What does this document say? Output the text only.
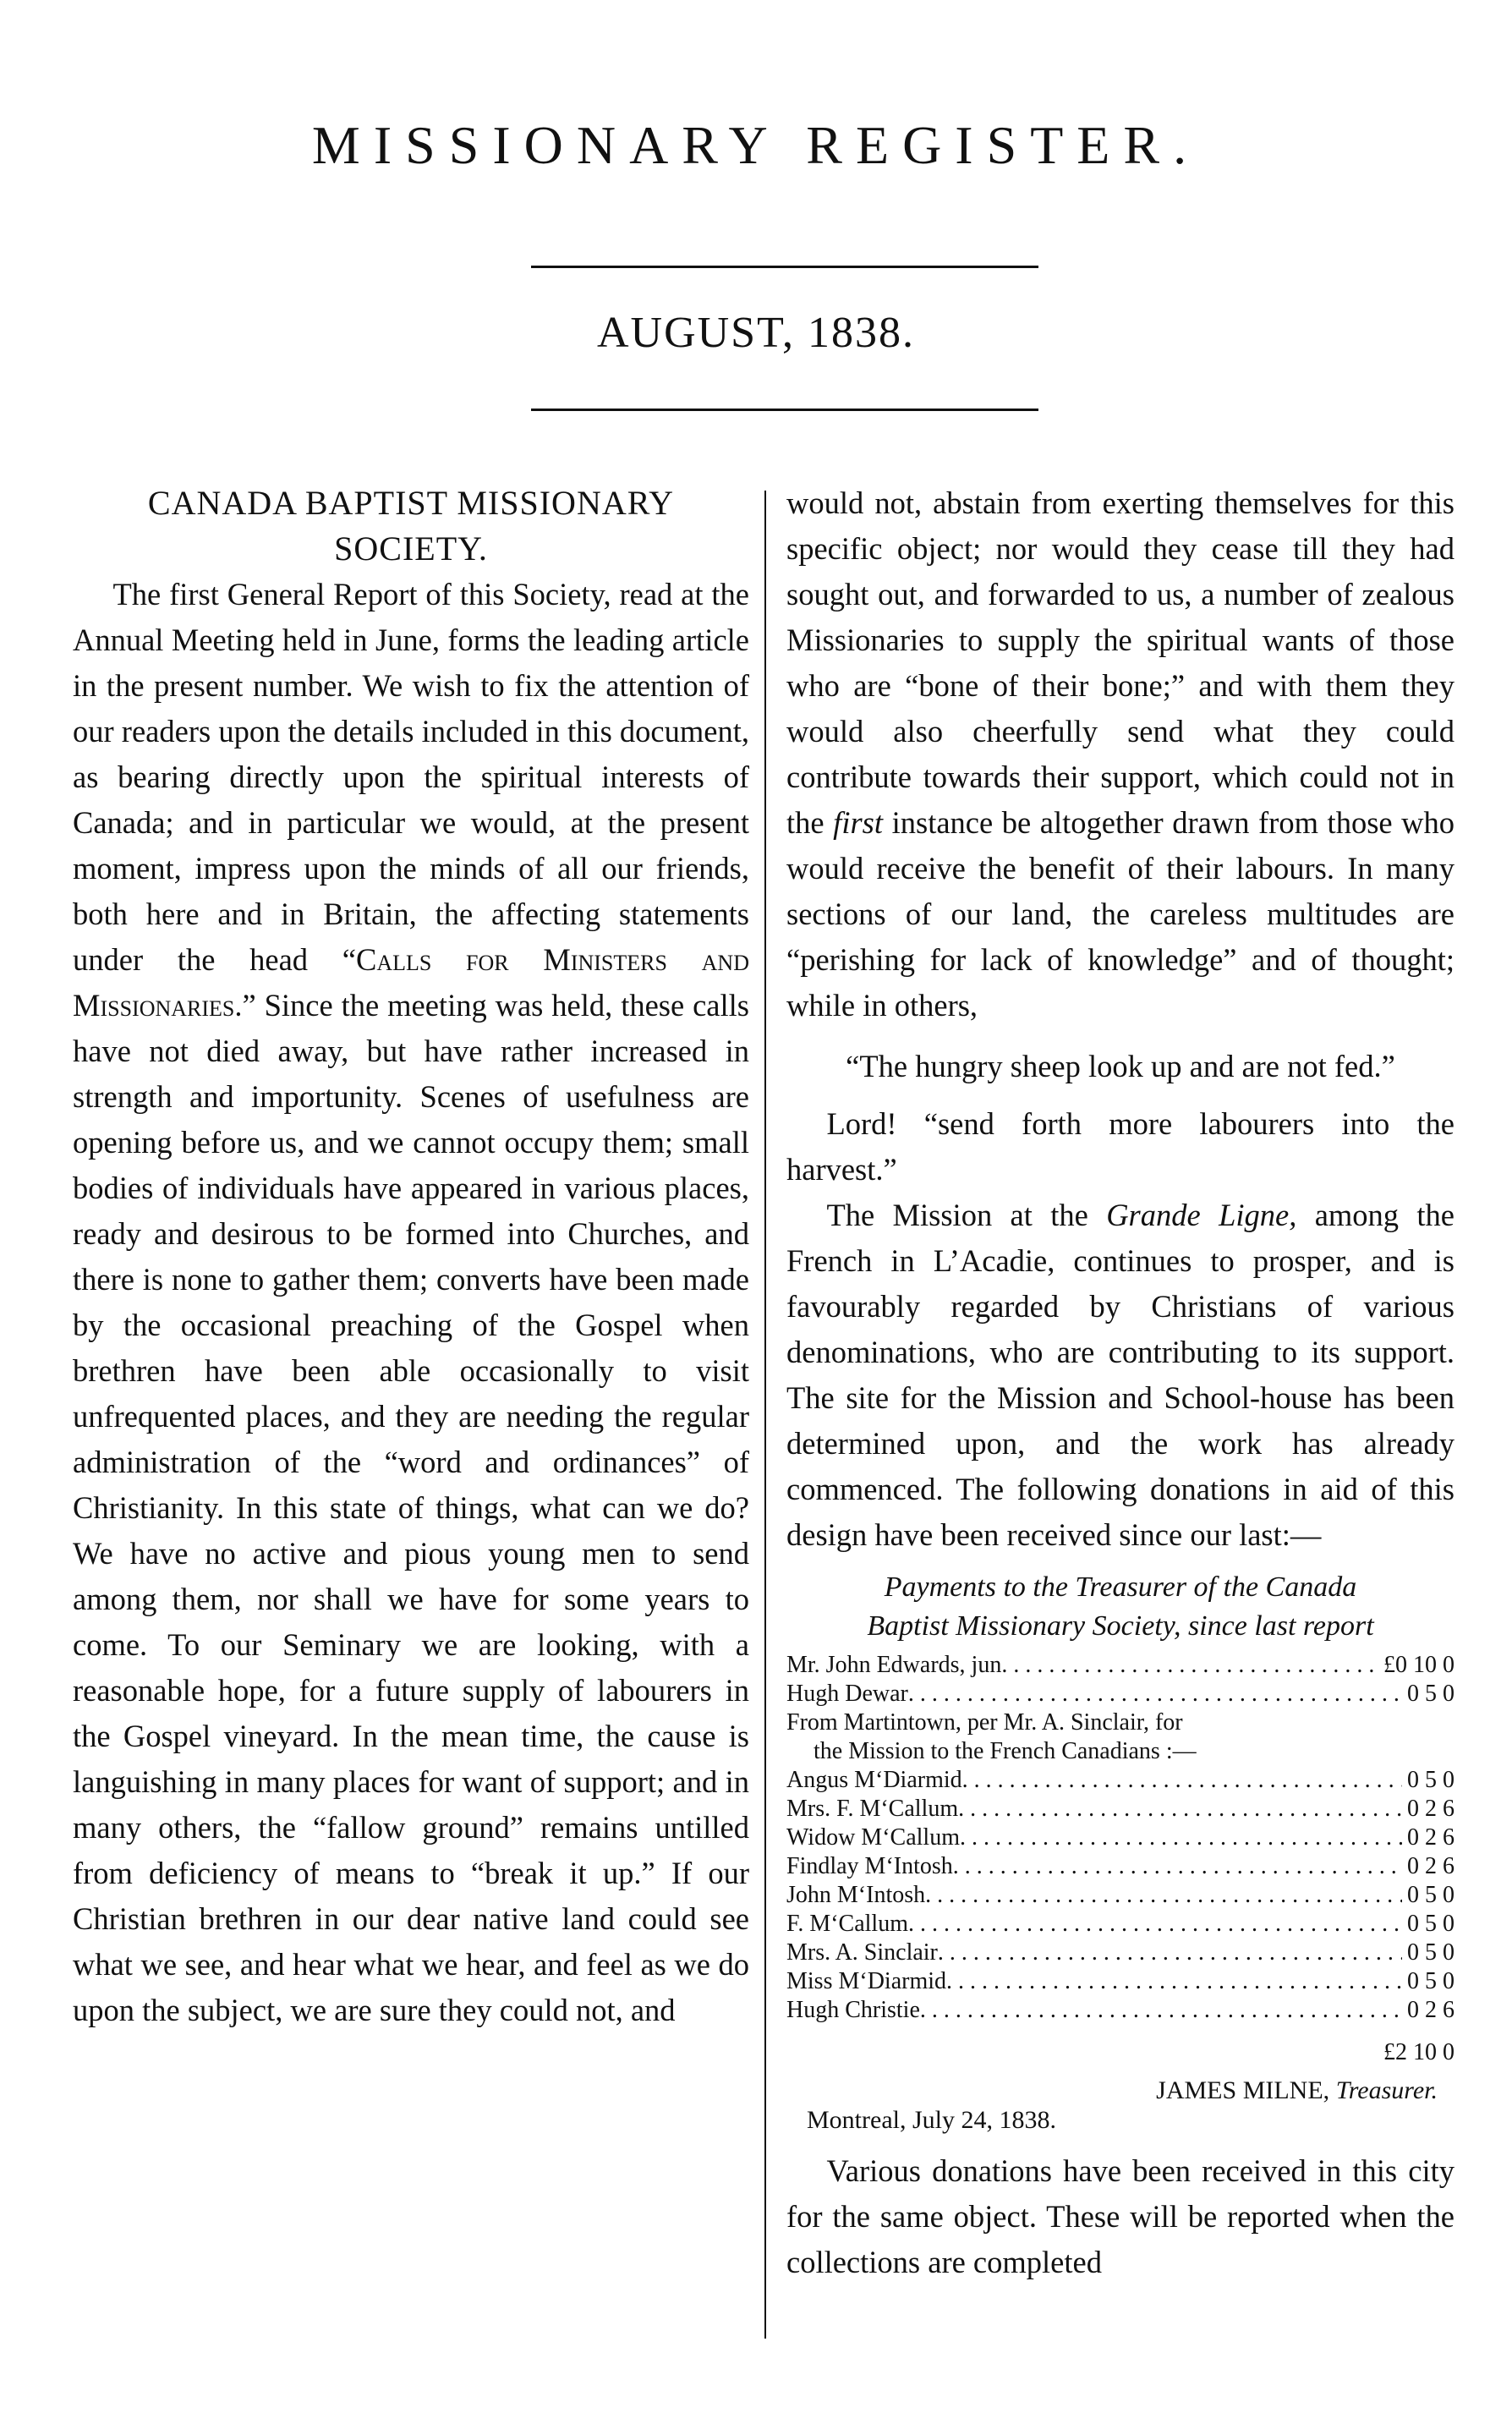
MISSIONARY REGISTER.
AUGUST, 1838.
CANADA BAPTIST MISSIONARY
SOCIETY.

The first General Report of this Society, read at the Annual Meeting held in June, forms the leading article in the present number. We wish to fix the attention of our readers upon the details included in this document, as bearing directly upon the spiritual interests of Canada; and in particular we would, at the present moment, impress upon the minds of all our friends, both here and in Britain, the affecting statements under the head “Calls for Ministers and Missionaries.” Since the meeting was held, these calls have not died away, but have rather increased in strength and importunity. Scenes of usefulness are opening before us, and we cannot occupy them; small bodies of individuals have appeared in various places, ready and desirous to be formed into Churches, and there is none to gather them; converts have been made by the occasional preaching of the Gospel when brethren have been able occasionally to visit unfrequented places, and they are needing the regular administration of the “word and ordinances” of Christianity. In this state of things, what can we do? We have no active and pious young men to send among them, nor shall we have for some years to come. To our Seminary we are looking, with a reasonable hope, for a future supply of labourers in the Gospel vineyard. In the mean time, the cause is languishing in many places for want of support; and in many others, the “fallow ground” remains untilled from deficiency of means to “break it up.” If our Christian brethren in our dear native land could see what we see, and hear what we hear, and feel as we do upon the subject, we are sure they could not, and

would not, abstain from exerting themselves for this specific object; nor would they cease till they had sought out, and forwarded to us, a number of zealous Missionaries to supply the spiritual wants of those who are “bone of their bone;” and with them they would also cheerfully send what they could contribute towards their support, which could not in the first instance be altogether drawn from those who would receive the benefit of their labours. In many sections of our land, the careless multitudes are “perishing for lack of knowledge” and of thought; while in others,

“The hungry sheep look up and are not fed.”

Lord! “send forth more labourers into the harvest.”

The Mission at the Grande Ligne, among the French in L’Acadie, continues to prosper, and is favourably regarded by Christians of various denominations, who are contributing to its support. The site for the Mission and School-house has been determined upon, and the work has already commenced. The following donations in aid of this design have been received since our last:—

Payments to the Treasurer of the Canada
Baptist Missionary Society, since last report
Mr. John Edwards, jun . . .	£0 10 0
Hugh Dewar . . .	0 5 0
From Martintown, per Mr. A. Sinclair, for
the Mission to the French Canadians :—
Angus M‘Diarmid . . .	0 5 0
Mrs. F. M‘Callum . . .	0 2 6
Widow M‘Callum . . .	0 2 6
Findlay M‘Intosh . . .	0 2 6
John M‘Intosh . . .	0 5 0
F. M‘Callum . . .	0 5 0
Mrs. A. Sinclair . . .	0 5 0
Miss M‘Diarmid . . .	0 5 0
Hugh Christie . . .	0 2 6
£2 10 0
JAMES MILNE, Treasurer.
Montreal, July 24, 1838.

Various donations have been received in this city for the same object. These will be reported when the collections are completed
